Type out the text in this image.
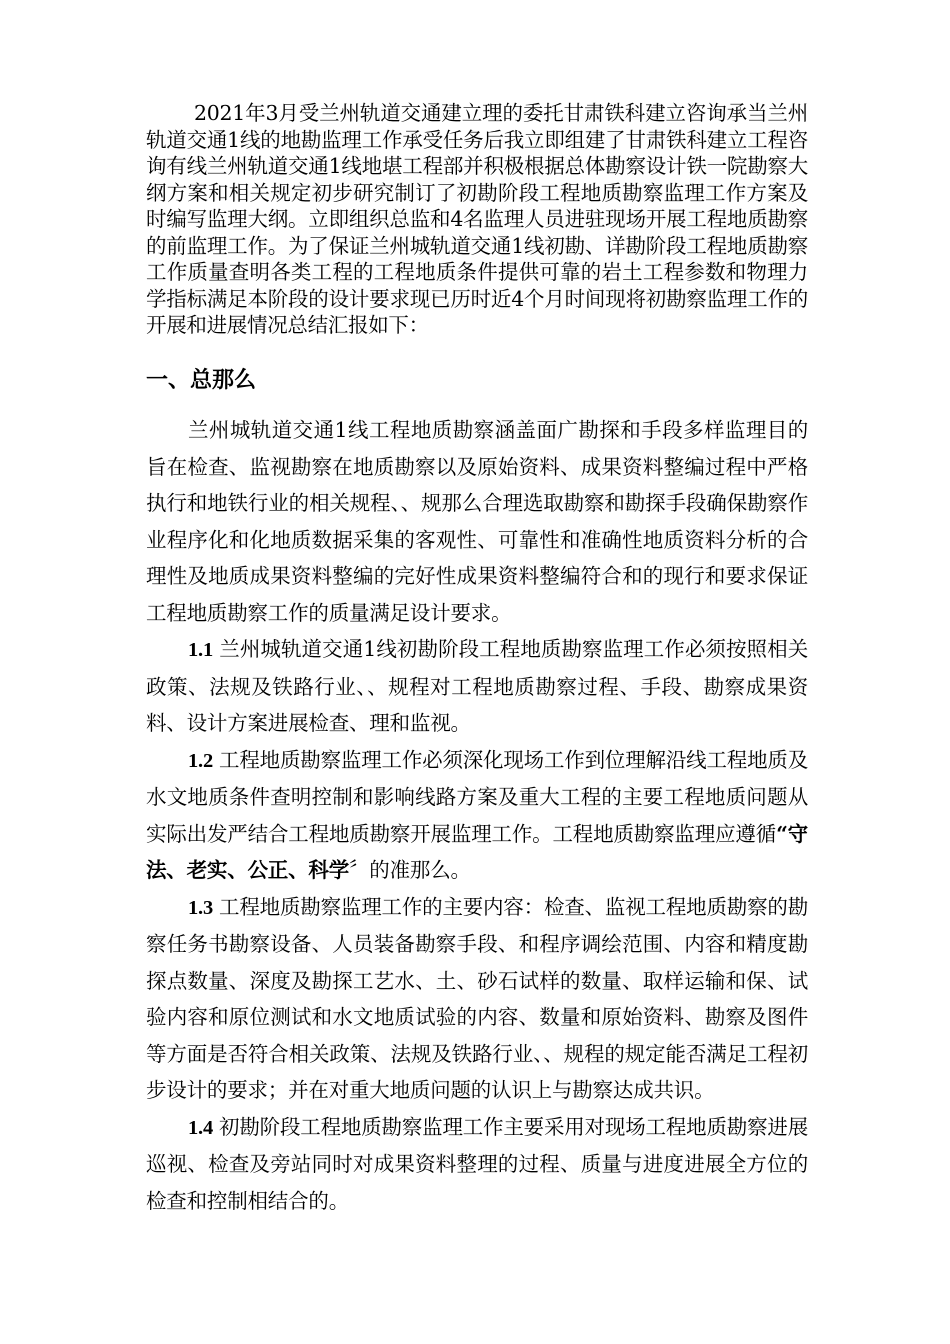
2021年3月受兰州轨道交通建立理的委托甘肃铁科建立咨询承当兰州轨道交通1线的地勘监理工作承受任务后我立即组建了甘肃铁科建立工程咨询有线兰州轨道交通1线地堪工程部并积极根据总体勘察设计铁一院勘察大纲方案和相关规定初步研究制订了初勘阶段工程地质勘察监理工作方案及时编写监理大纲。立即组织总监和4名监理人员进驻现场开展工程地质勘察的前监理工作。为了保证兰州城轨道交通1线初勘、详勘阶段工程地质勘察工作质量查明各类工程的工程地质条件提供可靠的岩土工程参数和物理力学指标满足本阶段的设计要求现已历时近4个月时间现将初勘察监理工作的开展和进展情况总结汇报如下：

一、总那么

兰州城轨道交通1线工程地质勘察涵盖面广勘探和手段多样监理目的旨在检查、监视勘察在地质勘察以及原始资料、成果资料整编过程中严格执行和地铁行业的相关规程、、规那么合理选取勘察和勘探手段确保勘察作业程序化和化地质数据采集的客观性、可靠性和准确性地质资料分析的合理性及地质成果资料整编的完好性成果资料整编符合和的现行和要求保证工程地质勘察工作的质量满足设计要求。

1.1 兰州城轨道交通1线初勘阶段工程地质勘察监理工作必须按照相关政策、法规及铁路行业、、规程对工程地质勘察过程、手段、勘察成果资料、设计方案进展检查、理和监视。

1.2 工程地质勘察监理工作必须深化现场工作到位理解沿线工程地质及水文地质条件查明控制和影响线路方案及重大工程的主要工程地质问题从实际出发严结合工程地质勘察开展监理工作。工程地质勘察监理应遵循“守法、老实、公正、科学〞的准那么。

1.3 工程地质勘察监理工作的主要内容：检查、监视工程地质勘察的勘察任务书勘察设备、人员装备勘察手段、和程序调绘范围、内容和精度勘探点数量、深度及勘探工艺水、土、砂石试样的数量、取样运输和保、试验内容和原位测试和水文地质试验的内容、数量和原始资料、勘察及图件等方面是否符合相关政策、法规及铁路行业、、规程的规定能否满足工程初步设计的要求；并在对重大地质问题的认识上与勘察达成共识。

1.4 初勘阶段工程地质勘察监理工作主要采用对现场工程地质勘察进展巡视、检查及旁站同时对成果资料整理的过程、质量与进度进展全方位的检查和控制相结合的。
